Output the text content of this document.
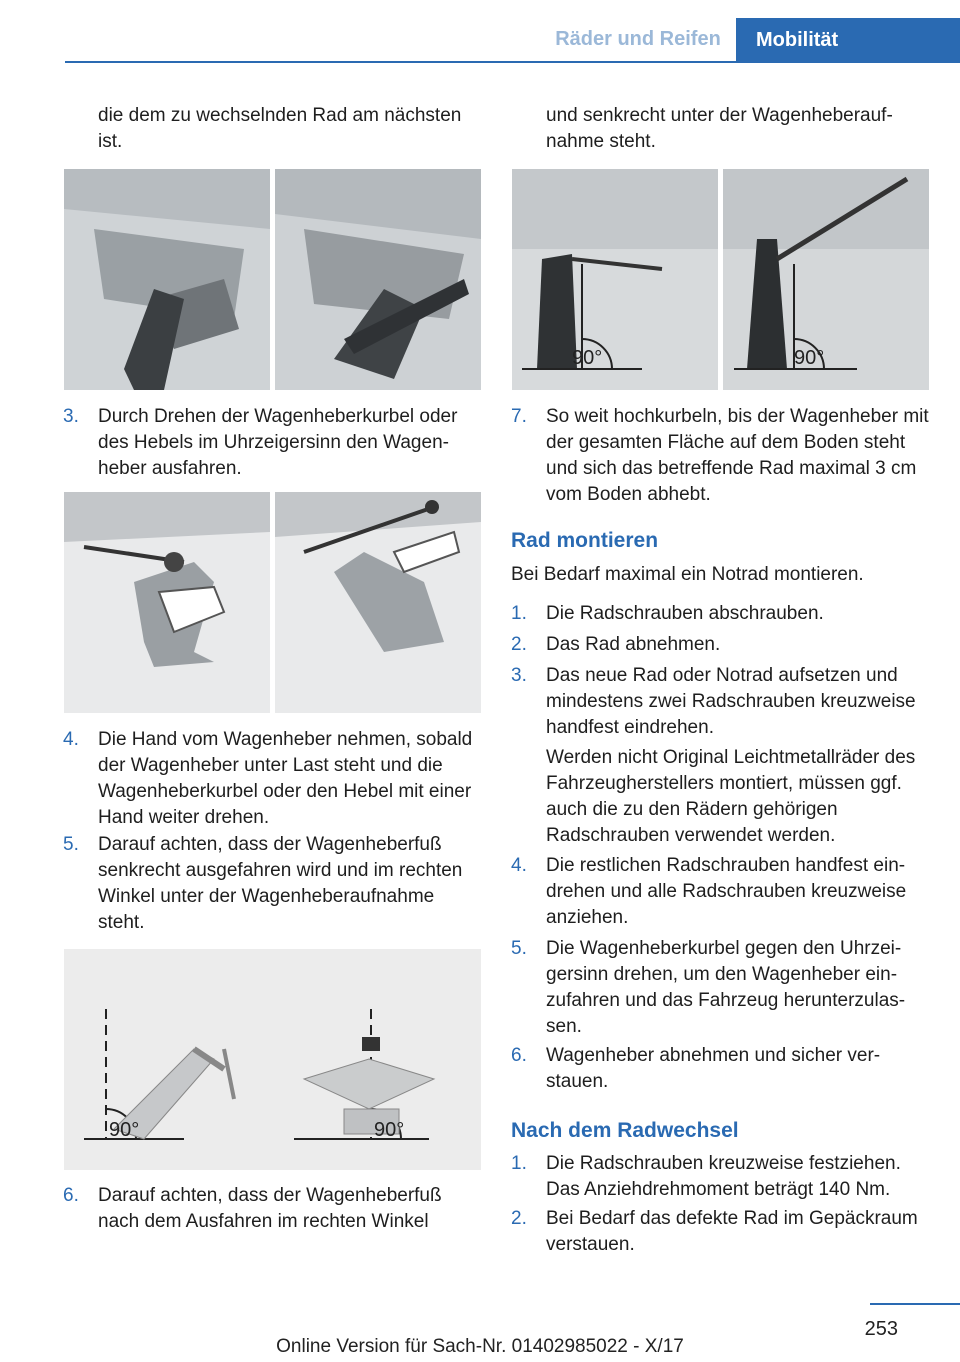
Räder und Reifen	Mobilität
die dem zu wechselnden Rad am nächsten ist.
3. Durch Drehen der Wagenheberkurbel oder des Hebels im Uhrzeigersinn den Wagenheber ausfahren.
4. Die Hand vom Wagenheber nehmen, sobald der Wagenheber unter Last steht und die Wagenheberkurbel oder den Hebel mit einer Hand weiter drehen.
5. Darauf achten, dass der Wagenheberfuß senkrecht ausgefahren wird und im rechten Winkel unter der Wagenheberaufnahme steht.
90°	90°
6. Darauf achten, dass der Wagenheberfuß nach dem Ausfahren im rechten Winkel
und senkrecht unter der Wagenheberaufnahme steht.
90°	90°
7. So weit hochkurbeln, bis der Wagenheber mit der gesamten Fläche auf dem Boden steht und sich das betreffende Rad maximal 3 cm vom Boden abhebt.
Rad montieren
Bei Bedarf maximal ein Notrad montieren.
1. Die Radschrauben abschrauben.
2. Das Rad abnehmen.
3. Das neue Rad oder Notrad aufsetzen und mindestens zwei Radschrauben kreuzweise handfest eindrehen.
Werden nicht Original Leichtmetallräder des Fahrzeugherstellers montiert, müssen ggf. auch die zu den Rädern gehörigen Radschrauben verwendet werden.
4. Die restlichen Radschrauben handfest eindrehen und alle Radschrauben kreuzweise anziehen.
5. Die Wagenheberkurbel gegen den Uhrzeigersinn drehen, um den Wagenheber einzufahren und das Fahrzeug herunterzulassen.
6. Wagenheber abnehmen und sicher verstauen.
Nach dem Radwechsel
1. Die Radschrauben kreuzweise festziehen. Das Anziehdrehmoment beträgt 140 Nm.
2. Bei Bedarf das defekte Rad im Gepäckraum verstauen.
253
Online Version für Sach-Nr. 01402985022 - X/17
